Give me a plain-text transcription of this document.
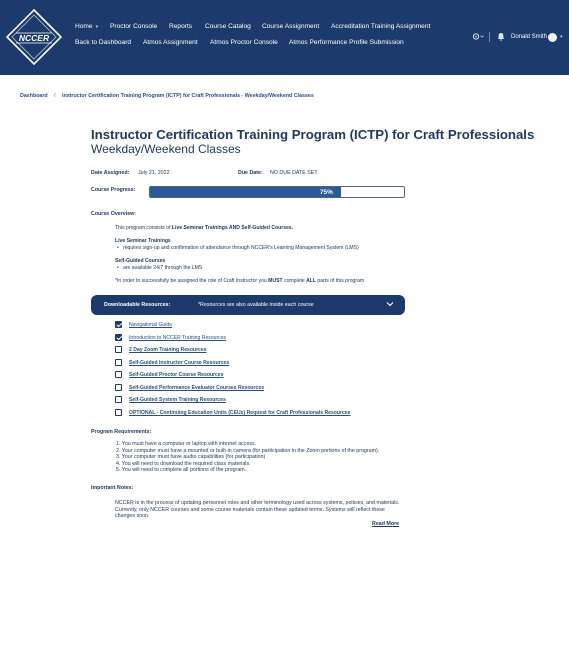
NCCER
Home ▾ Proctor Console Reports Course Catalog Course Assignment Accreditation Training Assignment
Back to Dashboard Atmos Assignment Atmos Proctor Console Atmos Performance Profile Submission
Donald Smith	▾
Dashboard / Instructor Certification Training Program (ICTP) for Craft Professionals - Weekday/Weekend Classes
Instructor Certification Training Program (ICTP) for Craft Professionals
Weekday/Weekend Classes
Date Assigned: July 21, 2022	Due Date: NO DUE DATE SET
Course Progress:	75%
Course Overview:
This program consists of Live Seminar Trainings AND Self-Guided Courses.
Live Seminar Trainings
• requires sign-up and confirmation of attendance through NCCER's Learning Management System (LMS)
Self-Guided Courses
• are available 24/7 through the LMS
*In order to successfully be assigned the role of Craft Instructor you MUST complete ALL parts of this program
Downloadable Resources:	*Resources are also available inside each course
Navigational Guide
Introduction to NCCER Training Resources
2 Day Zoom Training Resources
Self-Guided Instructor Course Resources
Self-Guided Proctor Course Resources
Self-Guided Performance Evaluator Courses Resources
Self-Guided System Training Resources
OPTIONAL - Continuing Education Units (CEUs) Request for Craft Professionals Resources
Program Requirements:
1. You must have a computer or laptop with internet access.
2. Your computer must have a mounted or built-in camera (for participation in the Zoom portions of the program).
3. Your computer must have audio capabilities (for participation)
4. You will need to download the required class materials.
5. You will need to complete all portions of the program.
Important Notes:
NCCER is in the process of updating personnel roles and other terminology used across systems, policies, and materials. Currently, only NCCER courses and some course materials contain these updated terms. Systems will reflect these changes soon.
Read More
